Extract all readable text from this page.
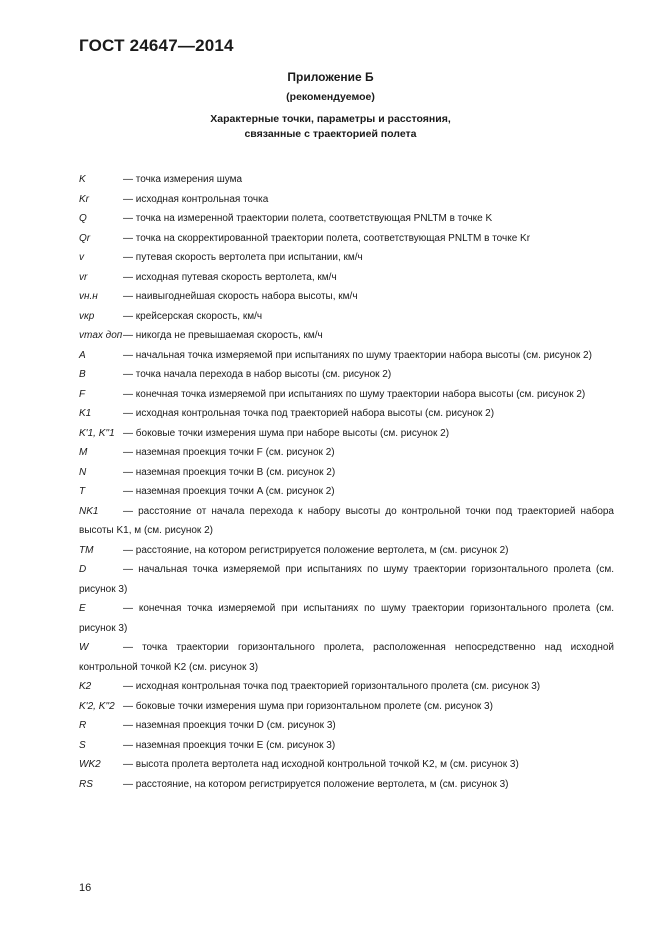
ГОСТ 24647—2014
Приложение Б
(рекомендуемое)
Характерные точки, параметры и расстояния,
связанные с траекторией полета
K	— точка измерения шума
Kr	— исходная контрольная точка
Q	— точка на измеренной траектории полета, соответствующая PNLTM в точке K
Qr	— точка на скорректированной траектории полета, соответствующая PNLTM в точке Kr
v	— путевая скорость вертолета при испытании, км/ч
vr	— исходная путевая скорость вертолета, км/ч
vн.н	— наивыгоднейшая скорость набора высоты, км/ч
vкр	— крейсерская скорость, км/ч
vmax доп— никогда не превышаемая скорость, км/ч
A	— начальная точка измеряемой при испытаниях по шуму траектории набора высоты (см. рисунок 2)
B	— точка начала перехода в набор высоты (см. рисунок 2)
F	— конечная точка измеряемой при испытаниях по шуму траектории набора высоты (см. рисунок 2)
K1	— исходная контрольная точка под траекторией набора высоты (см. рисунок 2)
K'1, K''1 — боковые точки измерения шума при наборе высоты (см. рисунок 2)
M	— наземная проекция точки F (см. рисунок 2)
N	— наземная проекция точки B (см. рисунок 2)
T	— наземная проекция точки A (см. рисунок 2)
NK1 — расстояние от начала перехода к набору высоты до контрольной точки под траекторией набора высоты K1, м (см. рисунок 2)
TM	— расстояние, на котором регистрируется положение вертолета, м (см. рисунок 2)
D	— начальная точка измеряемой при испытаниях по шуму траектории горизонтального пролета (см. рисунок 3)
E	— конечная точка измеряемой при испытаниях по шуму траектории горизонтального пролета (см. рисунок 3)
W	— точка траектории горизонтального пролета, расположенная непосредственно над исходной контрольной точкой K2 (см. рисунок 3)
K2	— исходная контрольная точка под траекторией горизонтального пролета (см. рисунок 3)
K'2, K''2 — боковые точки измерения шума при горизонтальном пролете (см. рисунок 3)
R	— наземная проекция точки D (см. рисунок 3)
S	— наземная проекция точки E (см. рисунок 3)
WK2 — высота пролета вертолета над исходной контрольной точкой K2, м (см. рисунок 3)
RS	— расстояние, на котором регистрируется положение вертолета, м (см. рисунок 3)
16
